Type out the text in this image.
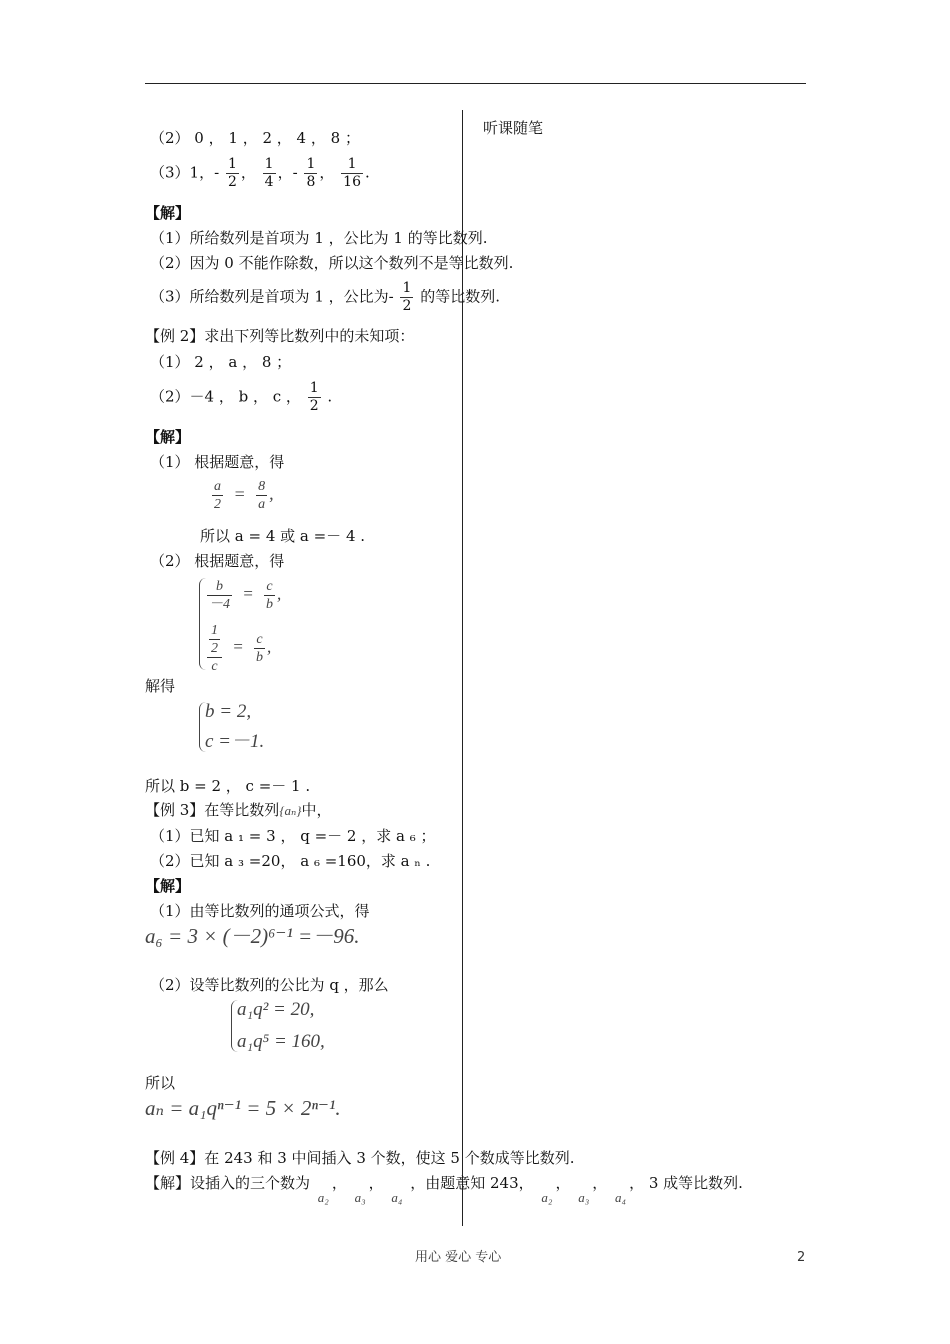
听课随笔
（2） 0 ， 1 ， 2 ， 4 ， 8 ；
（3）1，- $\frac{1}{2}$ ， $\frac{1}{4}$ ，- $\frac{1}{8}$ ， $\frac{1}{16}$ .
【解】
（1）所给数列是首项为 1 ，公比为 1 的等比数列.
（2）因为 0 不能作除数，所以这个数列不是等比数列.
（3）所给数列是首项为 1 ，公比为- $\frac{1}{2}$ 的等比数列.
【例 2】求出下列等比数列中的未知项：
（1） 2 ， a ， 8 ；
（2）－4 ， b ， c ， $\frac{1}{2}$ .
【解】
（1） 根据题意，得
$\frac{a}{2} = \frac{8}{a}$ ,
所以 a = 4 或 a =－ 4 .
（2） 根据题意，得
$\frac{b}{-4} = \frac{c}{b}$ ,
$\frac{\frac{1}{2}}{c} = \frac{c}{b}$ ,
解得
b = 2,
c =－1.
所以 b = 2 ， c =－ 1 .
【例 3】在等比数列{aₙ}中，
（1）已知 a ₁ = 3 ， q =－ 2 ，求 a ₆ ；
（2）已知 a ₃ =20， a ₆ =160，求 a ₙ .
【解】
（1）由等比数列的通项公式，得
a₆ = 3 × (－2)⁶⁻¹ =－96.
（2）设等比数列的公比为 q ，那么
a₁q² = 20,
a₁q⁵ = 160,
所以
aₙ = a₁qⁿ⁻¹ = 5 × 2ⁿ⁻¹.
【例 4】在 243 和 3 中间插入 3 个数，使这 5 个数成等比数列.
【解】设插入的三个数为 a₂， a₃， a₄ ，由题意知 243， a₂， a₃， a₄， 3 成等比数列.
用心 爱心 专心	2
